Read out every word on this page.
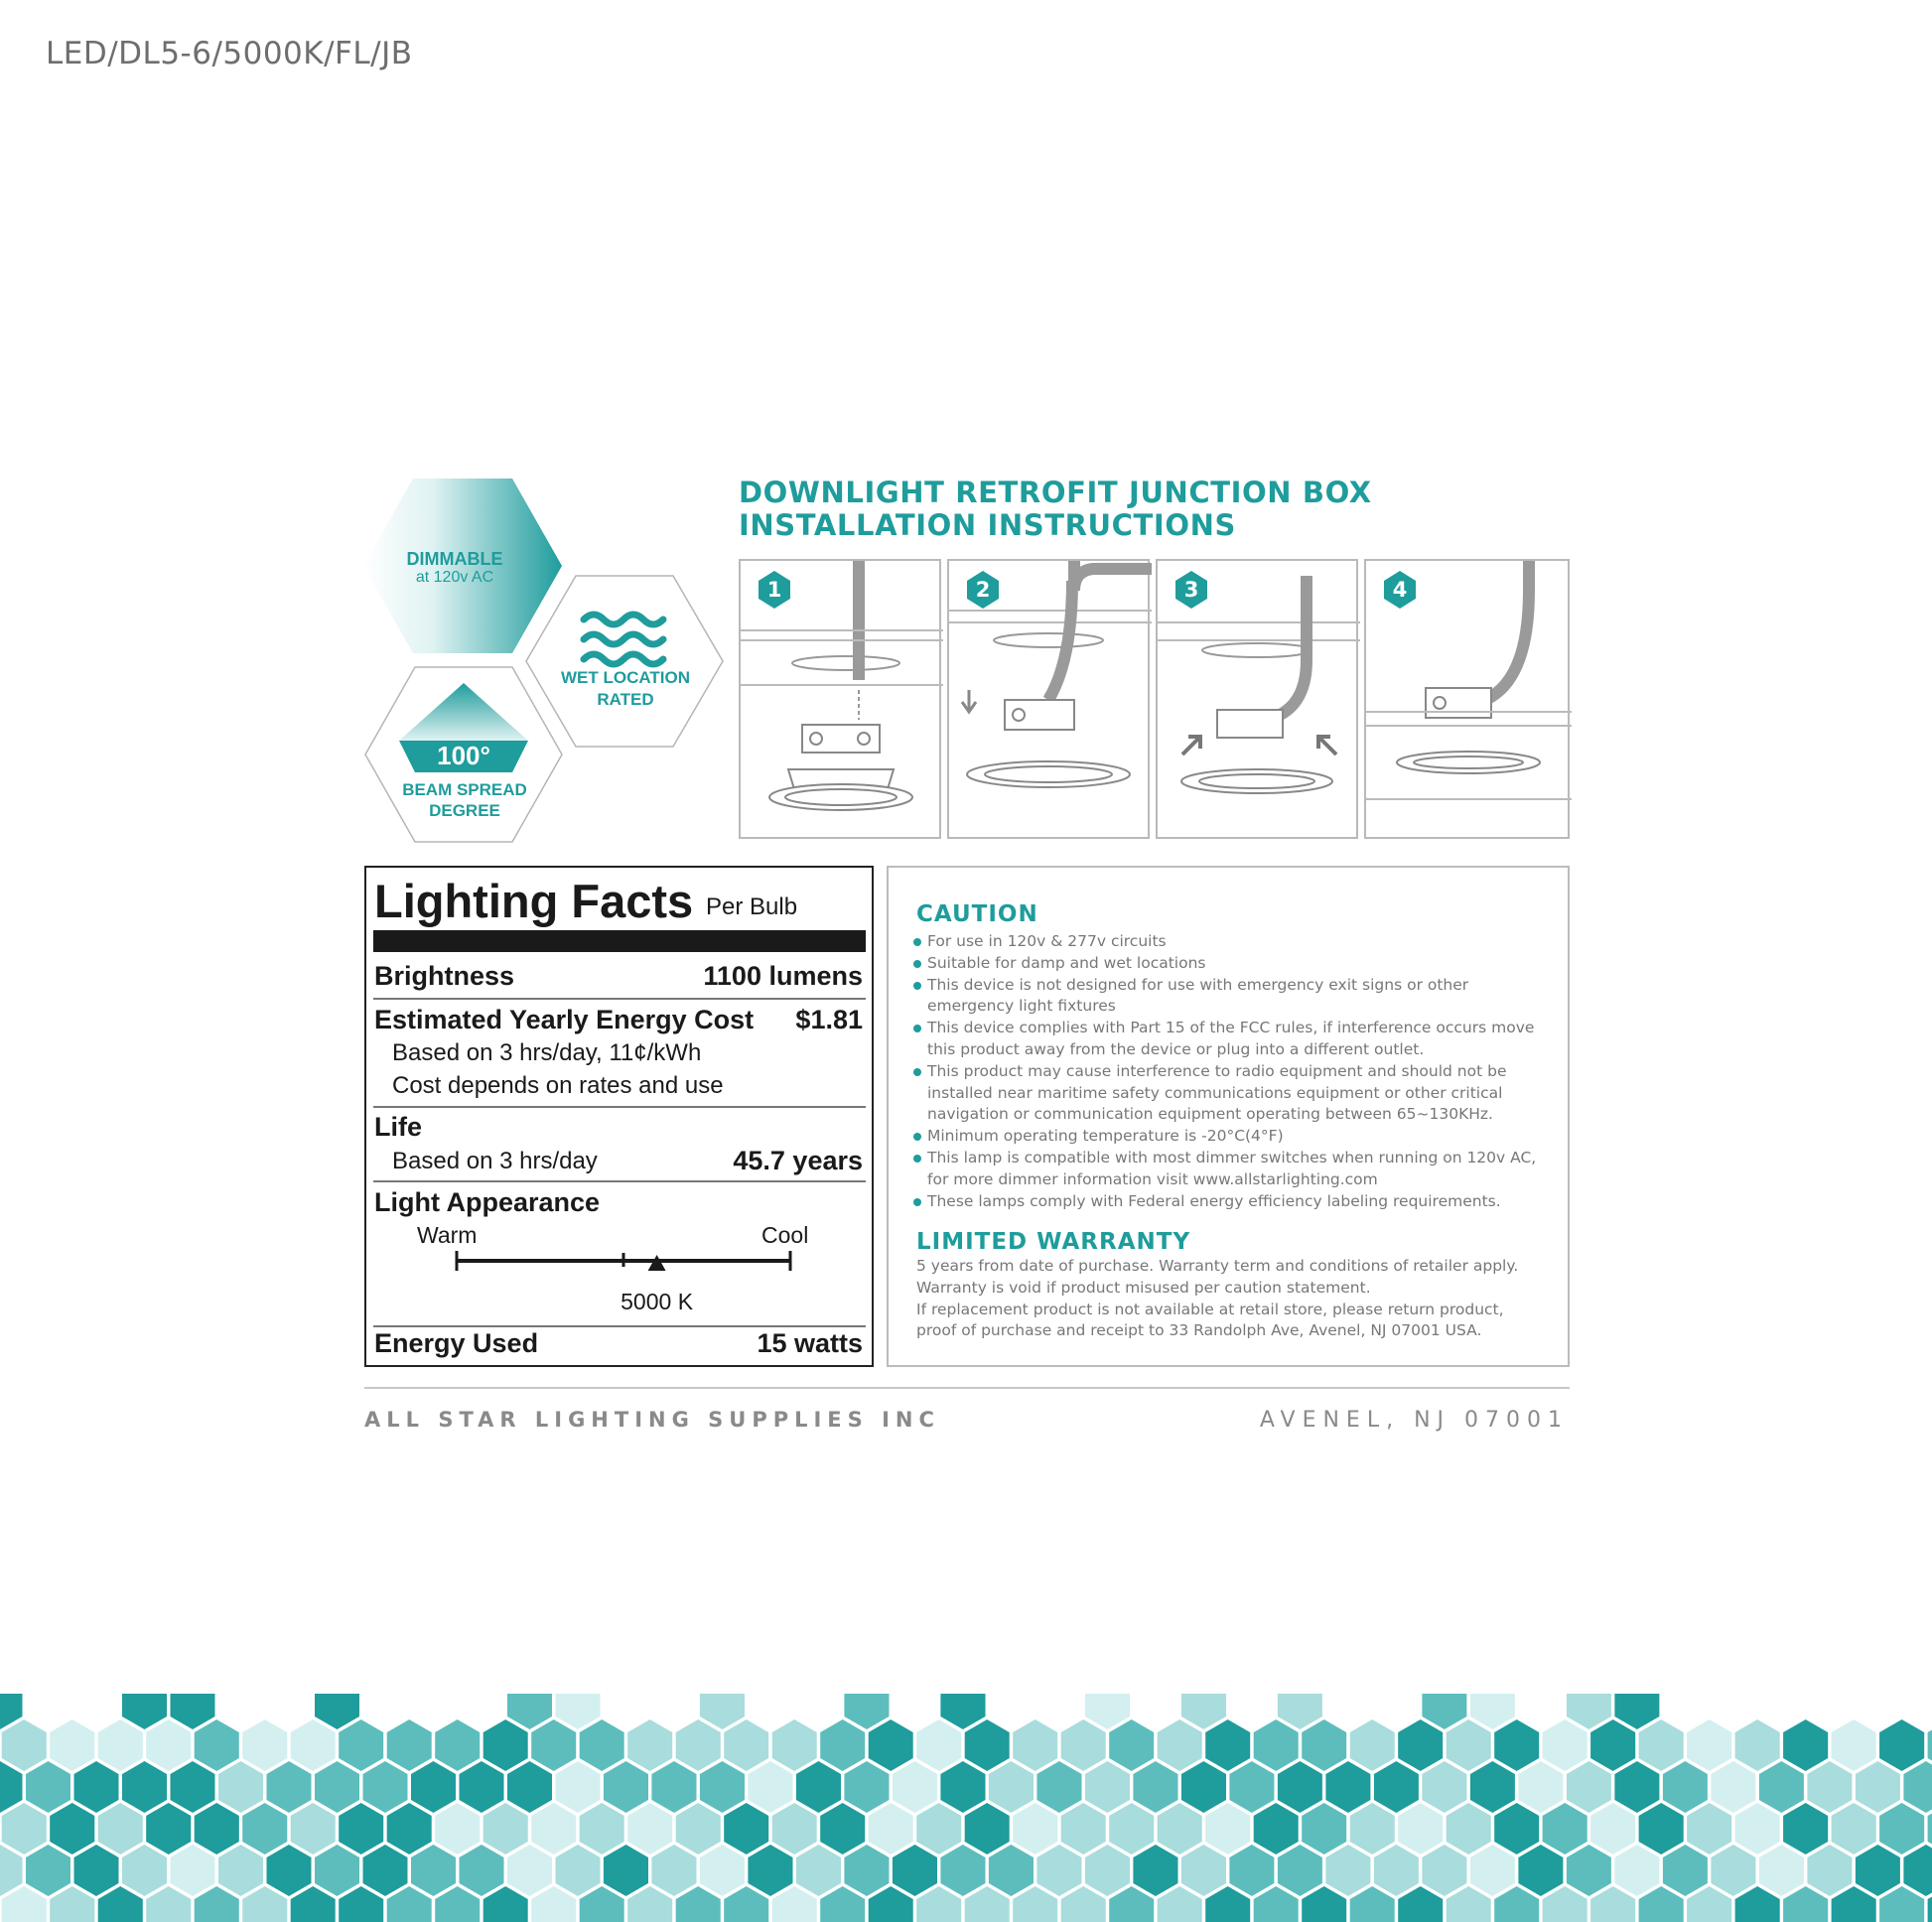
LED/DL5-6/5000K/FL/JB
DIMMABLE
at 120v AC
WET LOCATION
RATED
100°
BEAM SPREAD
DEGREE
DOWNLIGHT RETROFIT JUNCTION BOX
INSTALLATION INSTRUCTIONS
1	2	3	4
Lighting Facts Per Bulb
Brightness	1100 lumens
Estimated Yearly Energy Cost $1.81
Based on 3 hrs/day, 11¢/kWh
Cost depends on rates and use
Life
Based on 3 hrs/day	45.7 years
Light Appearance
Warm	Cool
5000 K
Energy Used	15 watts
CAUTION
For use in 120v & 277v circuits
Suitable for damp and wet locations
This device is not designed for use with emergency exit signs or other emergency light fixtures
This device complies with Part 15 of the FCC rules, if interference occurs move this product away from the device or plug into a different outlet.
This product may cause interference to radio equipment and should not be installed near maritime safety communications equipment or other critical navigation or communication equipment operating between 65~130KHz.
Minimum operating temperature is -20°C(4°F)
This lamp is compatible with most dimmer switches when running on 120v AC, for more dimmer information visit www.allstarlighting.com
These lamps comply with Federal energy efficiency labeling requirements.
LIMITED WARRANTY
5 years from date of purchase. Warranty term and conditions of retailer apply.
Warranty is void if product misused per caution statement.
If replacement product is not available at retail store, please return product,
proof of purchase and receipt to 33 Randolph Ave, Avenel, NJ 07001 USA.
ALL STAR LIGHTING SUPPLIES INC	AVENEL, NJ 07001
